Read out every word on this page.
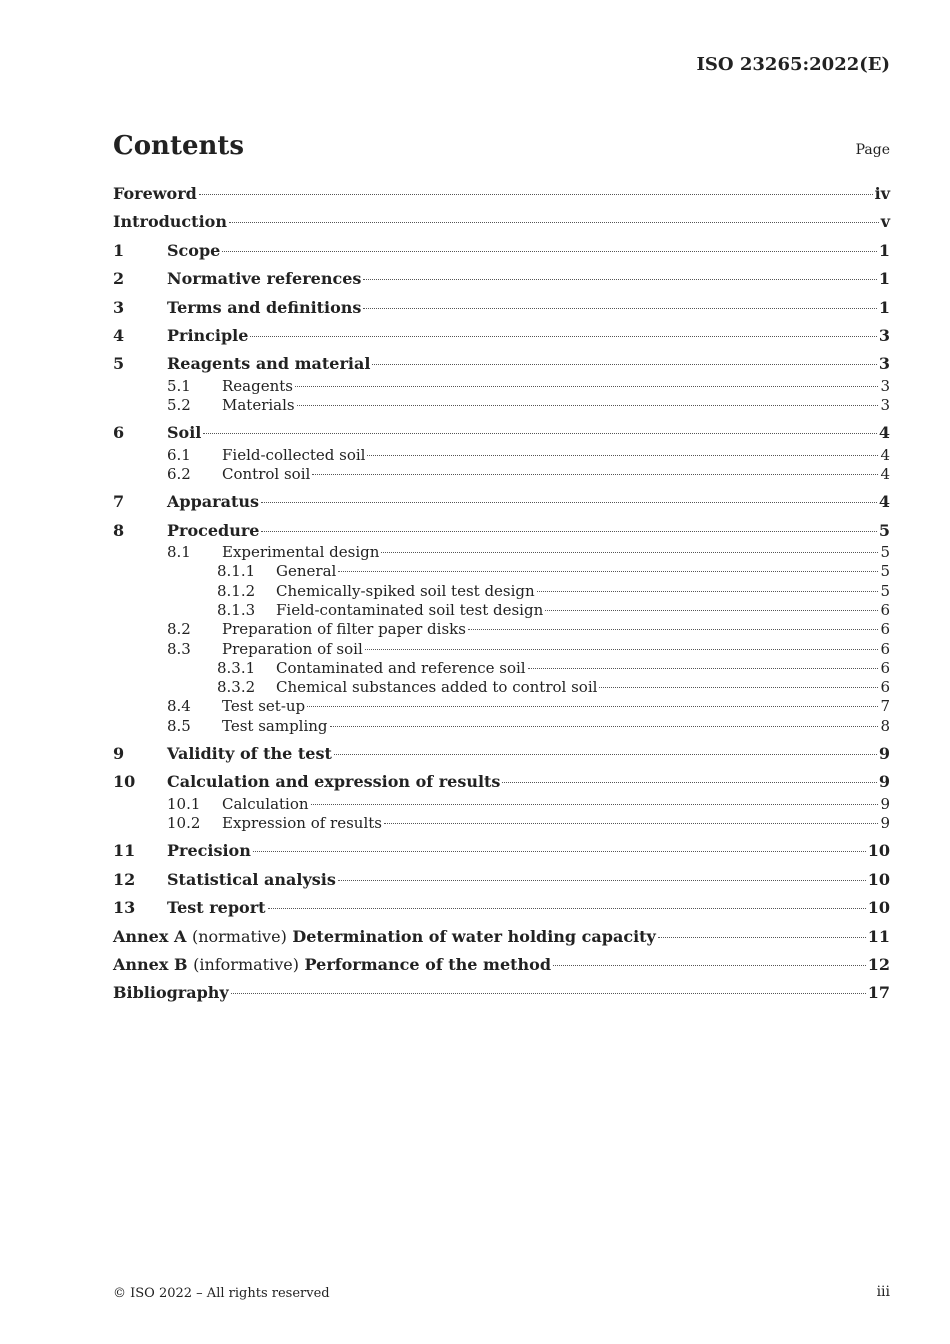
ISO 23265:2022(E)
Contents	Page
Foreword	iv
Introduction	v
1	Scope	1
2	Normative references	1
3	Terms and definitions	1
4	Principle	3
5	Reagents and material	3
5.1	Reagents	3
5.2	Materials	3
6	Soil	4
6.1	Field-collected soil	4
6.2	Control soil	4
7	Apparatus	4
8	Procedure	5
8.1	Experimental design	5
8.1.1	General	5
8.1.2	Chemically-spiked soil test design	5
8.1.3	Field-contaminated soil test design	6
8.2	Preparation of filter paper disks	6
8.3	Preparation of soil	6
8.3.1	Contaminated and reference soil	6
8.3.2	Chemical substances added to control soil	6
8.4	Test set-up	7
8.5	Test sampling	8
9	Validity of the test	9
10	Calculation and expression of results	9
10.1	Calculation	9
10.2	Expression of results	9
11	Precision	10
12	Statistical analysis	10
13	Test report	10
Annex A (normative) Determination of water holding capacity	11
Annex B (informative) Performance of the method	12
Bibliography	17
© ISO 2022 – All rights reserved	iii
